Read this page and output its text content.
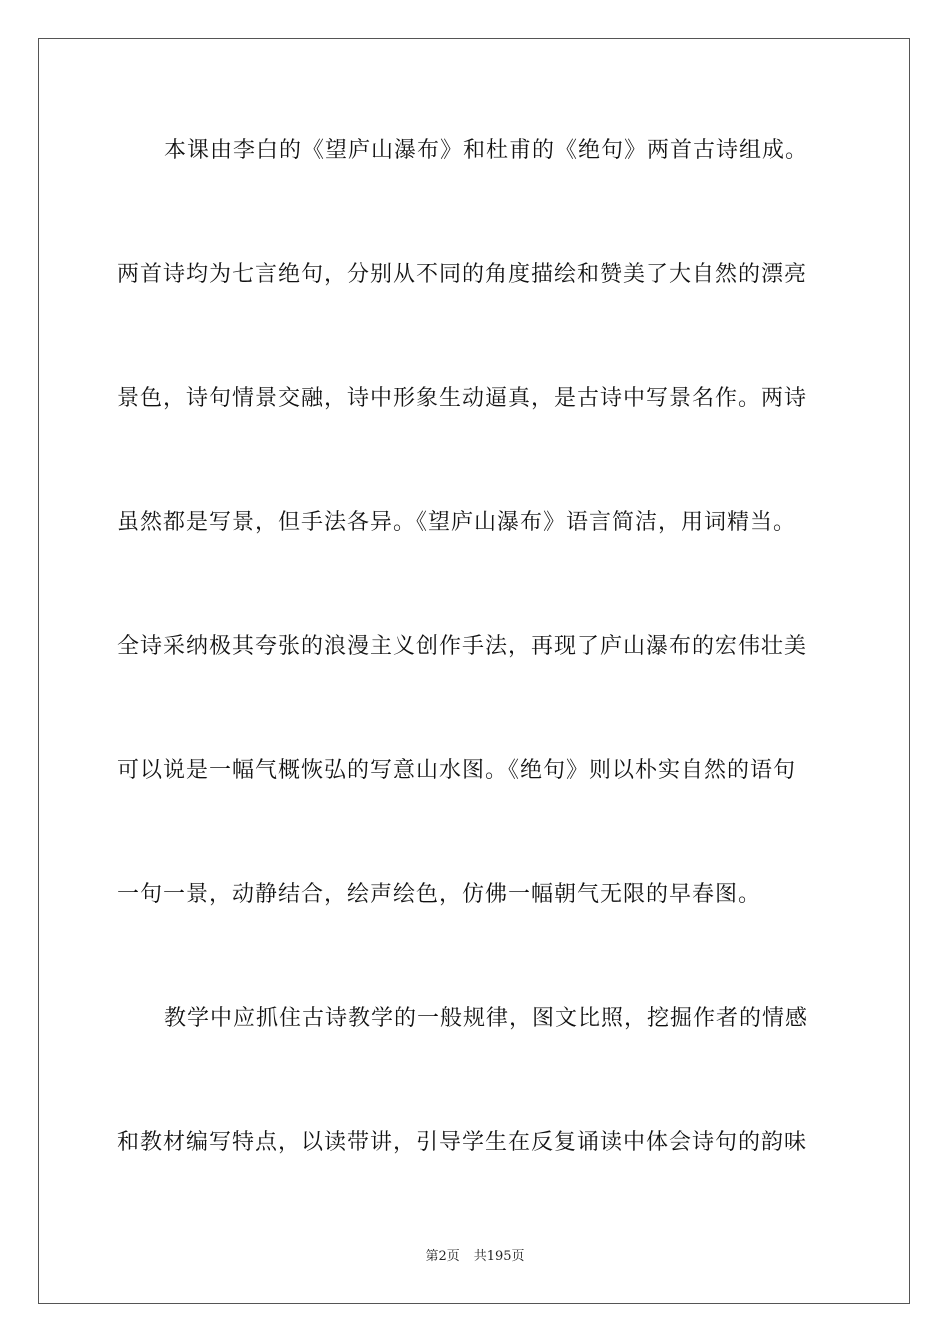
本课由李白的《望庐山瀑布》和杜甫的《绝句》两首古诗组成。
两首诗均为七言绝句，分别从不同的角度描绘和赞美了大自然的漂亮
景色，诗句情景交融，诗中形象生动逼真，是古诗中写景名作。两诗
虽然都是写景，但手法各异。《望庐山瀑布》语言简洁，用词精当。
全诗采纳极其夸张的浪漫主义创作手法，再现了庐山瀑布的宏伟壮美
可以说是一幅气概恢弘的写意山水图。《绝句》则以朴实自然的语句
一句一景，动静结合，绘声绘色，仿佛一幅朝气无限的早春图。
教学中应抓住古诗教学的一般规律，图文比照，挖掘作者的情感
和教材编写特点，以读带讲，引导学生在反复诵读中体会诗句的韵味
第2页 共195页
